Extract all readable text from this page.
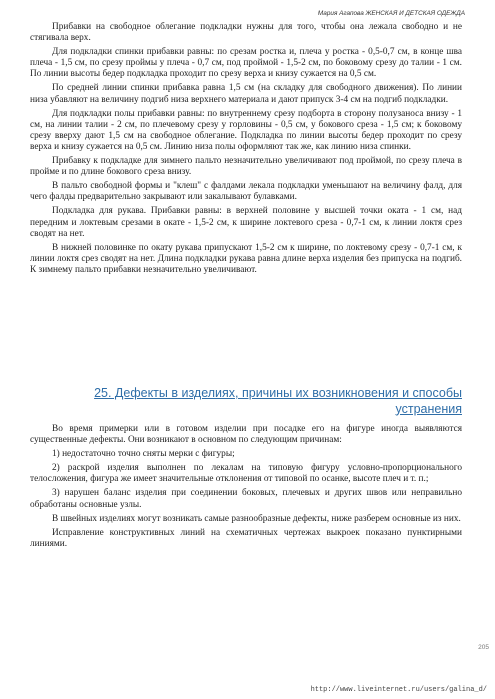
Мария Агапова ЖЕНСКАЯ И ДЕТСКАЯ ОДЕЖДА

Прибавки на свободное облегание подкладки нужны для того, чтобы она лежала свободно и не стягивала верх.

Для подкладки спинки прибавки равны: по срезам ростка и, плеча у ростка - 0,5-0,7 см, в конце шва плеча - 1,5 см, по срезу проймы у плеча - 0,7 см, под проймой - 1,5-2 см, по боковому срезу до талии - 1 см. По линии высоты бедер подкладка проходит по срезу верха и книзу сужается на 0,5 см.

По средней линии спинки прибавка равна 1,5 см (на складку для свободного движения). По линии низа убавляют на величину подгиб низа верхнего материала и дают припуск 3-4 см на подгиб подкладки.

Для подкладки полы прибавки равны: по внутреннему срезу подборта в сторону полузаноса внизу - 1 см, на линии талии - 2 см, по плечевому срезу у горловины - 0,5 см, у бокового среза - 1,5 см; к боковому срезу вверху дают 1,5 см на свободное облегание. Подкладка по линии высоты бедер проходит по срезу верха и книзу сужается на 0,5 см. Линию низа полы оформляют так же, как линию низа спинки.

Прибавку к подкладке для зимнего пальто незначительно увеличивают под проймой, по срезу плеча в пройме и по длине бокового среза внизу.

В пальто свободной формы и "клеш" с фалдами лекала подкладки уменьшают на величину фалд, для чего фалды предварительно закрывают или закалывают булавками.

Подкладка для рукава. Прибавки равны: в верхней половине у высшей точки оката - 1 см, над передним и локтевым срезами в окате - 1,5-2 см, к ширине локтевого среза - 0,7-1 см, к линии локтя срез сводят на нет.

В нижней половинке по окату рукава припускают 1,5-2 см к ширине, по локтевому срезу - 0,7-1 см, к линии локтя срез сводят на нет. Длина подкладки рукава равна длине верха изделия без припуска на подгиб. К зимнему пальто прибавки незначительно увеличивают.

25. Дефекты в изделиях, причины их возникновения и способы устранения

Во время примерки или в готовом изделии при посадке его на фигуре иногда выявляются существенные дефекты. Они возникают в основном по следующим причинам:

1) недостаточно точно сняты мерки с фигуры;

2) раскрой изделия выполнен по лекалам на типовую фигуру условно-пропорционального телосложения, фигура же имеет значительные отклонения от типовой по осанке, высоте плеч и т. п.;

3) нарушен баланс изделия при соединении боковых, плечевых и других швов или неправильно обработаны основные узлы.

В швейных изделиях могут возникать самые разнообразные дефекты, ниже разберем основные из них.

Исправление конструктивных линий на схематичных чертежах выкроек показано пунктирными линиями.

205
http://www.liveinternet.ru/users/galina_d/
